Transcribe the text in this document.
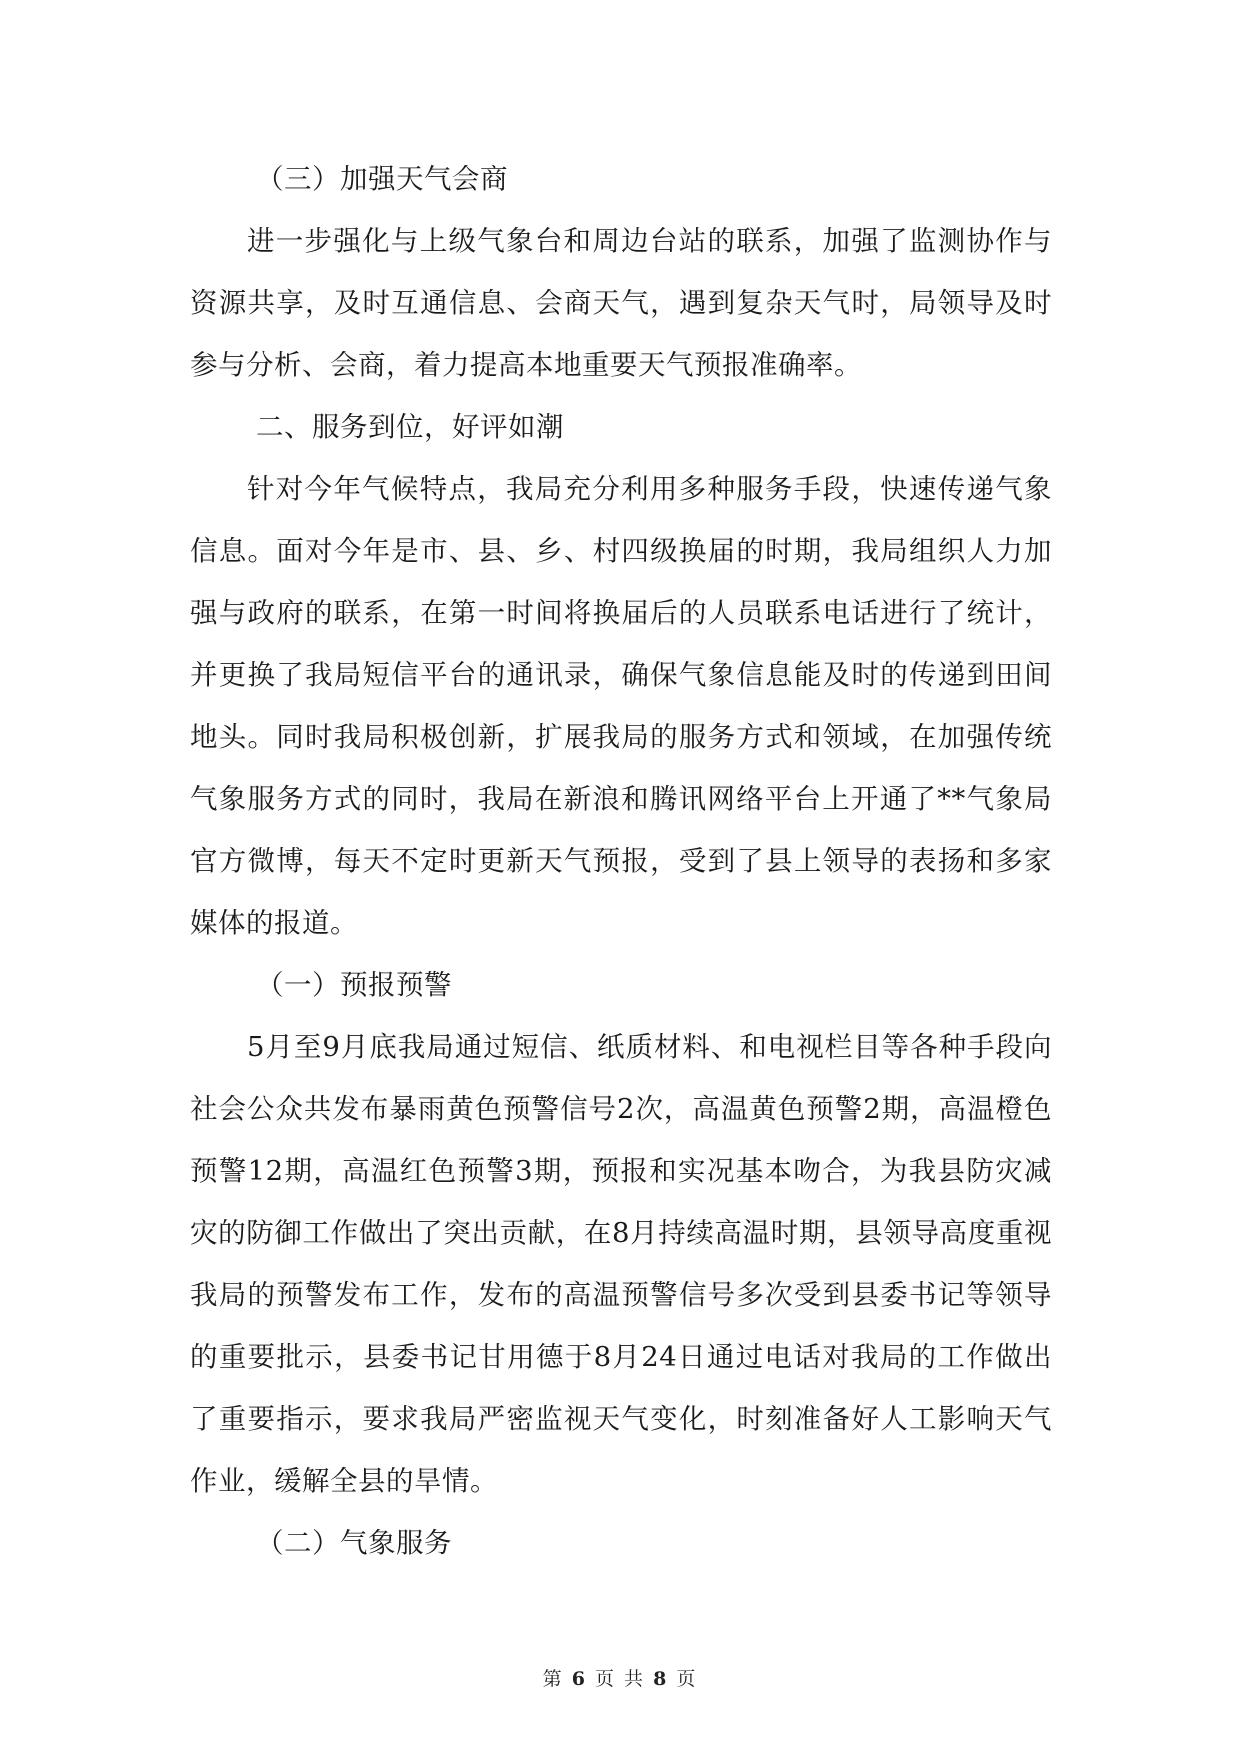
（三）加强天气会商

进一步强化与上级气象台和周边台站的联系，加强了监测协作与资源共享，及时互通信息、会商天气，遇到复杂天气时，局领导及时参与分析、会商，着力提高本地重要天气预报准确率。

二、服务到位，好评如潮

针对今年气候特点，我局充分利用多种服务手段，快速传递气象信息。面对今年是市、县、乡、村四级换届的时期，我局组织人力加强与政府的联系，在第一时间将换届后的人员联系电话进行了统计，并更换了我局短信平台的通讯录，确保气象信息能及时的传递到田间地头。同时我局积极创新，扩展我局的服务方式和领域，在加强传统气象服务方式的同时，我局在新浪和腾讯网络平台上开通了**气象局官方微博，每天不定时更新天气预报，受到了县上领导的表扬和多家媒体的报道。

（一）预报预警

5月至9月底我局通过短信、纸质材料、和电视栏目等各种手段向社会公众共发布暴雨黄色预警信号2次，高温黄色预警2期，高温橙色预警12期，高温红色预警3期，预报和实况基本吻合，为我县防灾减灾的防御工作做出了突出贡献，在8月持续高温时期，县领导高度重视我局的预警发布工作，发布的高温预警信号多次受到县委书记等领导的重要批示，县委书记甘用德于8月24日通过电话对我局的工作做出了重要指示，要求我局严密监视天气变化，时刻准备好人工影响天气作业，缓解全县的旱情。

（二）气象服务

第 6 页 共 8 页
